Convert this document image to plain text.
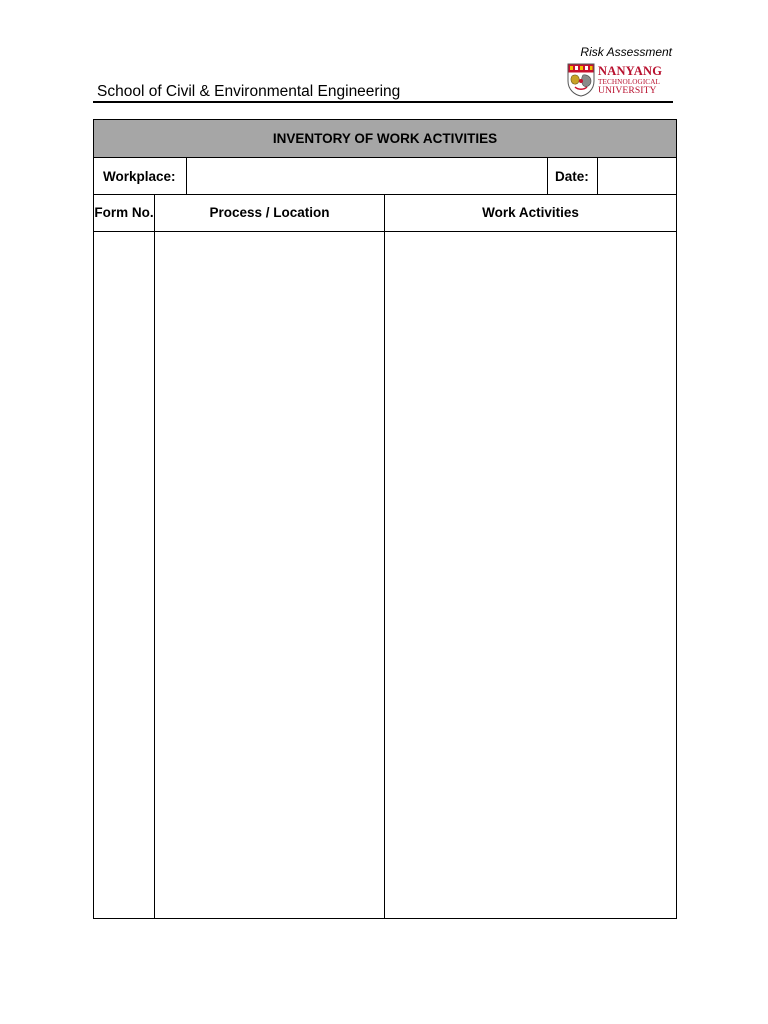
Risk Assessment
NANYANG
TECHNOLOGICAL
UNIVERSITY
School of Civil & Environmental Engineering
INVENTORY OF WORK ACTIVITIES					
Workplace:				Date:	
Form No.	Process / Location		Work Activities		
